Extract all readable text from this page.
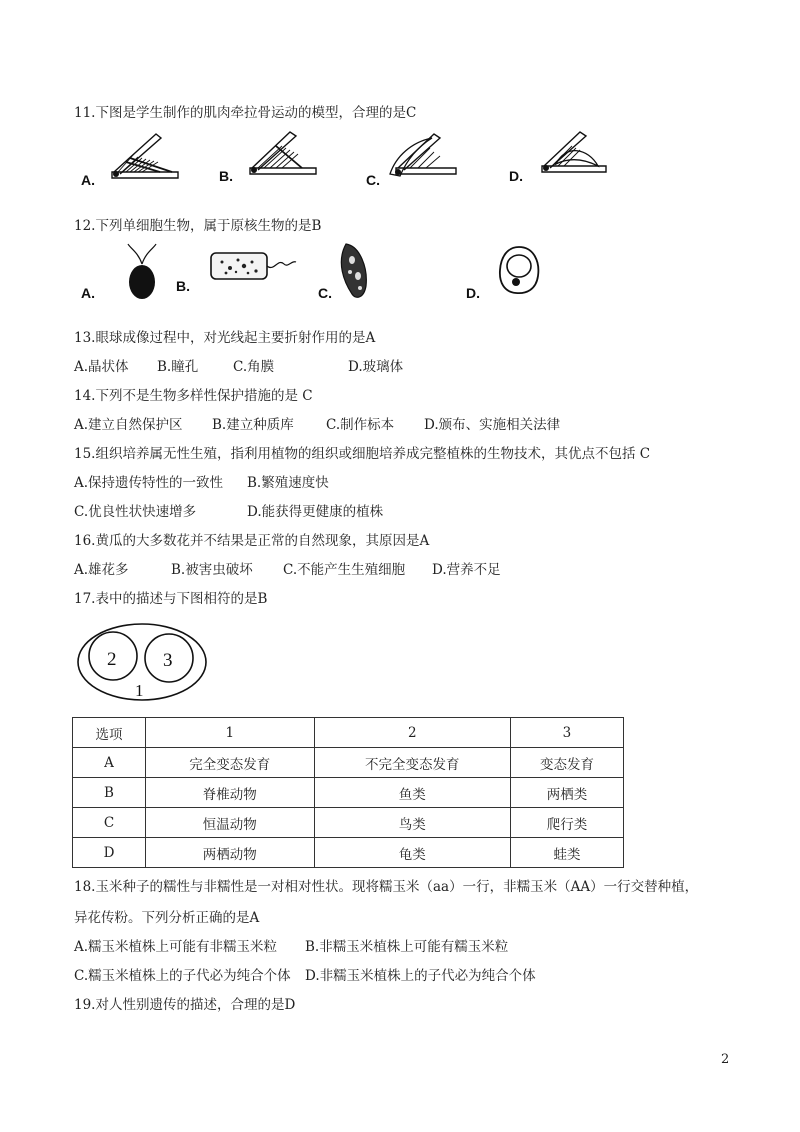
11.下图是学生制作的肌肉牵拉骨运动的模型，合理的是C
A.	B.	C.	D.
12.下列单细胞生物，属于原核生物的是B
A.	B.	C.	D.
13.眼球成像过程中，对光线起主要折射作用的是A
A.晶状体 B.瞳孔	C.角膜	D.玻璃体
14.下列不是生物多样性保护措施的是 C
A.建立自然保护区 B.建立种质库 C.制作标本 D.颁布、实施相关法律
15.组织培养属无性生殖，指利用植物的组织或细胞培养成完整植株的生物技术，其优点不包括 C
A.保持遗传特性的一致性 B.繁殖速度快
C.优良性状快速增多	D.能获得更健康的植株
16.黄瓜的大多数花并不结果是正常的自然现象，其原因是A
A.雄花多	B.被害虫破坏 C.不能产生生殖细胞 D.营养不足
17.表中的描述与下图相符的是B
2 3
1
选项	1	2	3
A	完全变态发育	不完全变态发育	变态发育
B	脊椎动物	鱼类	两栖类
C	恒温动物	鸟类	爬行类
D	两栖动物	龟类	蛙类
18.玉米种子的糯性与非糯性是一对相对性状。现将糯玉米（aa）一行，非糯玉米（AA）一行交替种植，
异花传粉。下列分析正确的是A
A.糯玉米植株上可能有非糯玉米粒 B.非糯玉米植株上可能有糯玉米粒
C.糯玉米植株上的子代必为纯合个体 D.非糯玉米植株上的子代必为纯合个体
19.对人性别遗传的描述，合理的是D
2
